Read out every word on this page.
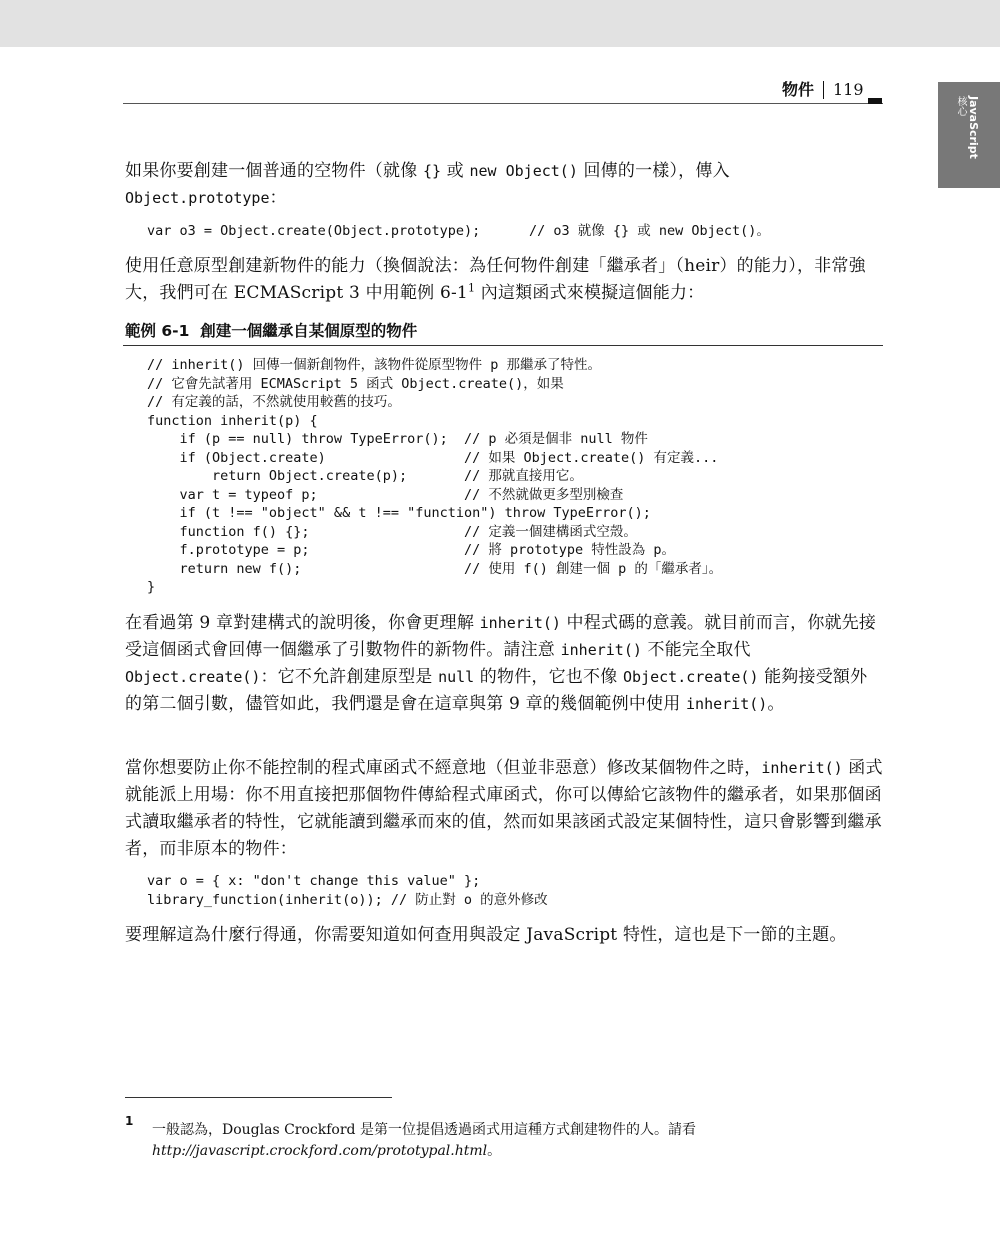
物件 119
JavaScript
核心

如果你要創建一個普通的空物件（就像 {} 或 new Object() 回傳的一樣），傳入Object.prototype：

var o3 = Object.create(Object.prototype);      // o3 就像 {} 或 new Object()。

使用任意原型創建新物件的能力（換個說法：為任何物件創建「繼承者」（heir）的能力），非常強大，我們可在 ECMAScript 3 中用範例 $6-1^1$ 內這類函式來模擬這個能力：

範例 6-1  創建一個繼承自某個原型的物件
// inherit() 回傳一個新創物件，該物件從原型物件 p 那繼承了特性。
// 它會先試著用 ECMAScript 5 函式 Object.create()，如果
// 有定義的話，不然就使用較舊的技巧。
function inherit(p) {
if (p == null) throw TypeError();  // p 必須是個非 null 物件
if (Object.create)                 // 如果 Object.create() 有定義...
return Object.create(p);       // 那就直接用它。
var t = typeof p;                  // 不然就做更多型別檢查
if (t !== "object" && t !== "function") throw TypeError();
function f() {};                   // 定義一個建構函式空殼。
f.prototype = p;                   // 將 prototype 特性設為 p。
return new f();                    // 使用 f() 創建一個 p 的「繼承者」。
}

在看過第 9 章對建構式的說明後，你會更理解 inherit() 中程式碼的意義。就目前而言，你就先接受這個函式會回傳一個繼承了引數物件的新物件。請注意 inherit() 不能完全取代 Object.create()：它不允許創建原型是 null 的物件，它也不像 Object.create() 能夠接受額外的第二個引數，儘管如此，我們還是會在這章與第 9 章的幾個範例中使用 inherit()。

當你想要防止你不能控制的程式庫函式不經意地（但並非惡意）修改某個物件之時，inherit() 函式就能派上用場：你不用直接把那個物件傳給程式庫函式，你可以傳給它該物件的繼承者，如果那個函式讀取繼承者的特性，它就能讀到繼承而來的值，然而如果該函式設定某個特性，這只會影響到繼承者，而非原本的物件：

var o = { x: "don't change this value" };
library_function(inherit(o)); // 防止對 o 的意外修改

要理解這為什麼行得通，你需要知道如何查用與設定 JavaScript 特性，這也是下一節的主題。

1
一般認為，Douglas Crockford 是第一位提倡透過函式用這種方式創建物件的人。請看
http://javascript.crockford.com/prototypal.html。
